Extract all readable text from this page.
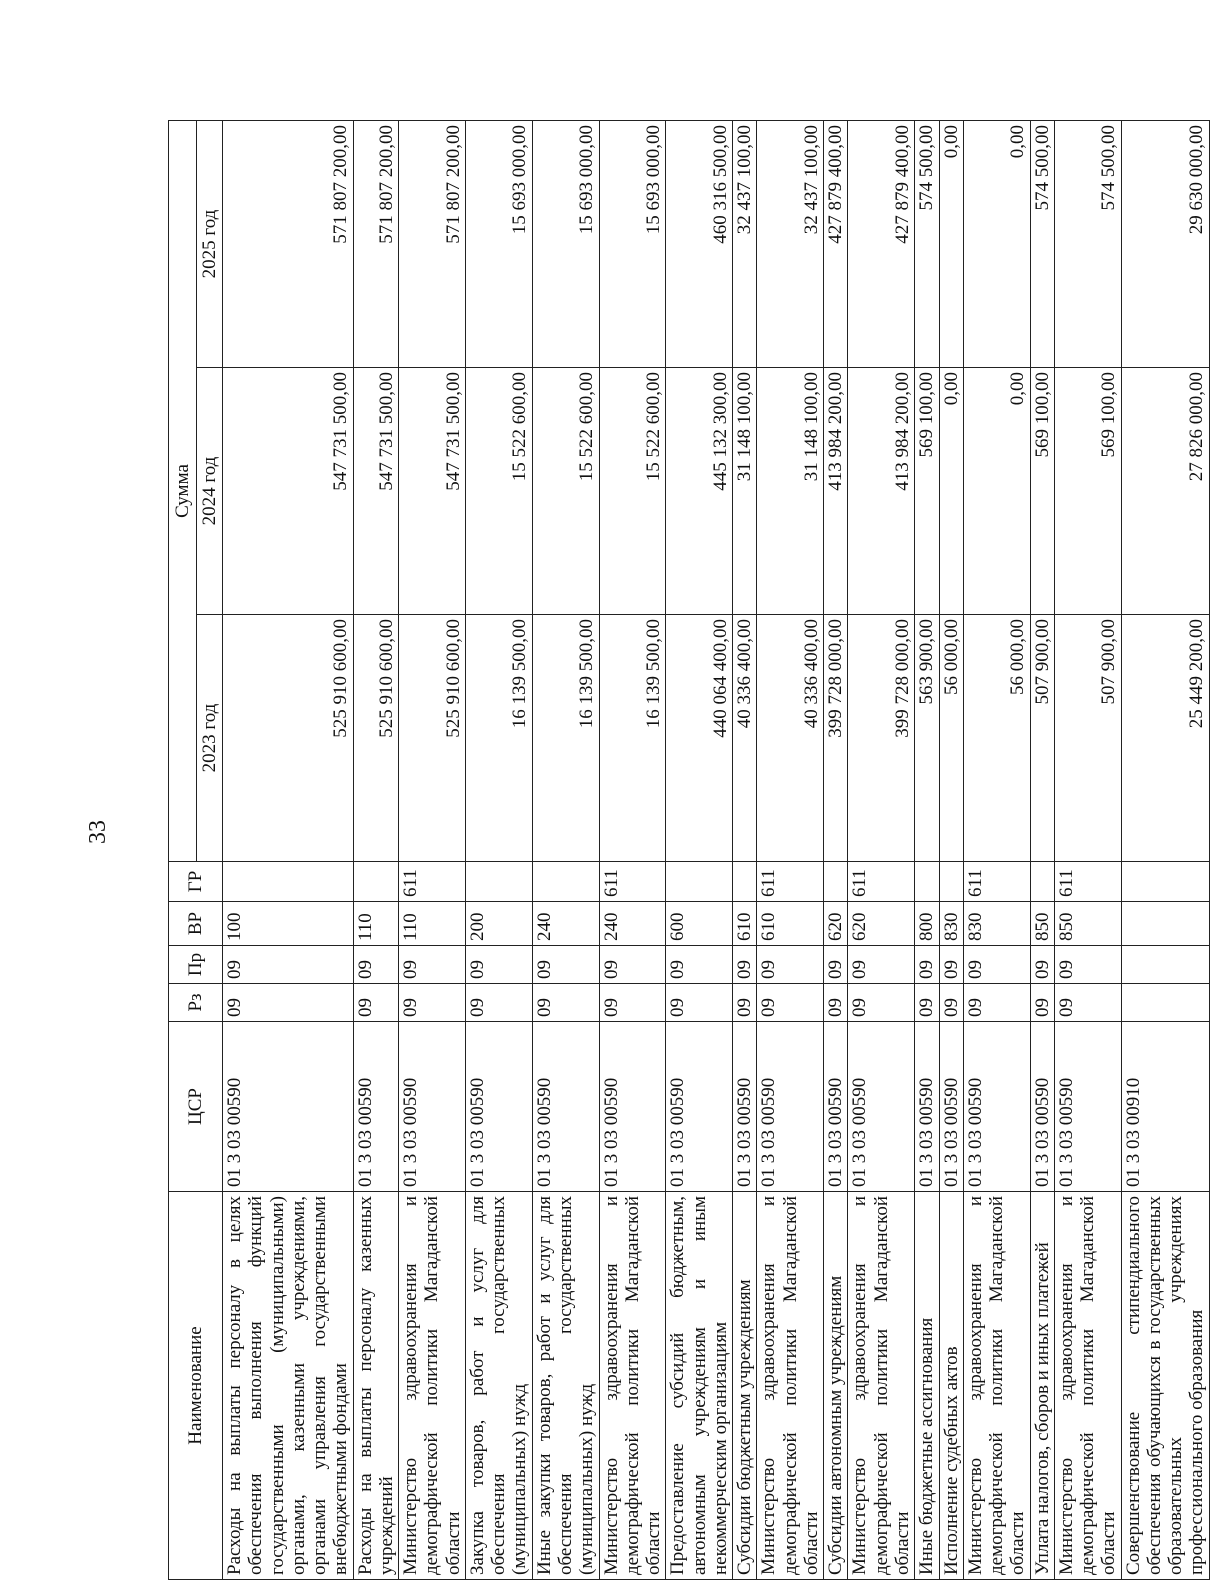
33
Наименование	ЦСР	Рз	Пр	ВР	ГР	Сумма		
						2023 год	2024 год	2025 год
Расходы на выплаты персоналу в целях обеспечения выполнения функций государственными (муниципальными) органами, казенными учреждениями, органами управления государственными внебюджетными фондами	01 3 03 00590	09	09	100		525 910 600,00	547 731 500,00	571 807 200,00
Расходы на выплаты персоналу казенных учреждений	01 3 03 00590	09	09	110		525 910 600,00	547 731 500,00	571 807 200,00
Министерство здравоохранения и демографической политики Магаданской области	01 3 03 00590	09	09	110	611	525 910 600,00	547 731 500,00	571 807 200,00
Закупка товаров, работ и услуг для обеспечения государственных (муниципальных) нужд	01 3 03 00590	09	09	200		16 139 500,00	15 522 600,00	15 693 000,00
Иные закупки товаров, работ и услуг для обеспечения государственных (муниципальных) нужд	01 3 03 00590	09	09	240		16 139 500,00	15 522 600,00	15 693 000,00
Министерство здравоохранения и демографической политики Магаданской области	01 3 03 00590	09	09	240	611	16 139 500,00	15 522 600,00	15 693 000,00
Предоставление субсидий бюджетным, автономным учреждениям и иным некоммерческим организациям	01 3 03 00590	09	09	600		440 064 400,00	445 132 300,00	460 316 500,00
Субсидии бюджетным учреждениям	01 3 03 00590	09	09	610		40 336 400,00	31 148 100,00	32 437 100,00
Министерство здравоохранения и демографической политики Магаданской области	01 3 03 00590	09	09	610	611	40 336 400,00	31 148 100,00	32 437 100,00
Субсидии автономным учреждениям	01 3 03 00590	09	09	620		399 728 000,00	413 984 200,00	427 879 400,00
Министерство здравоохранения и демографической политики Магаданской области	01 3 03 00590	09	09	620	611	399 728 000,00	413 984 200,00	427 879 400,00
Иные бюджетные ассигнования	01 3 03 00590	09	09	800		563 900,00	569 100,00	574 500,00
Исполнение судебных актов	01 3 03 00590	09	09	830		56 000,00	0,00	0,00
Министерство здравоохранения и демографической политики Магаданской области	01 3 03 00590	09	09	830	611	56 000,00	0,00	0,00
Уплата налогов, сборов и иных платежей	01 3 03 00590	09	09	850		507 900,00	569 100,00	574 500,00
Министерство здравоохранения и демографической политики Магаданской области	01 3 03 00590	09	09	850	611	507 900,00	569 100,00	574 500,00
Совершенствование стипендиального обеспечения обучающихся в государственных образовательных учреждениях профессионального образования	01 3 03 00910					25 449 200,00	27 826 000,00	29 630 000,00
